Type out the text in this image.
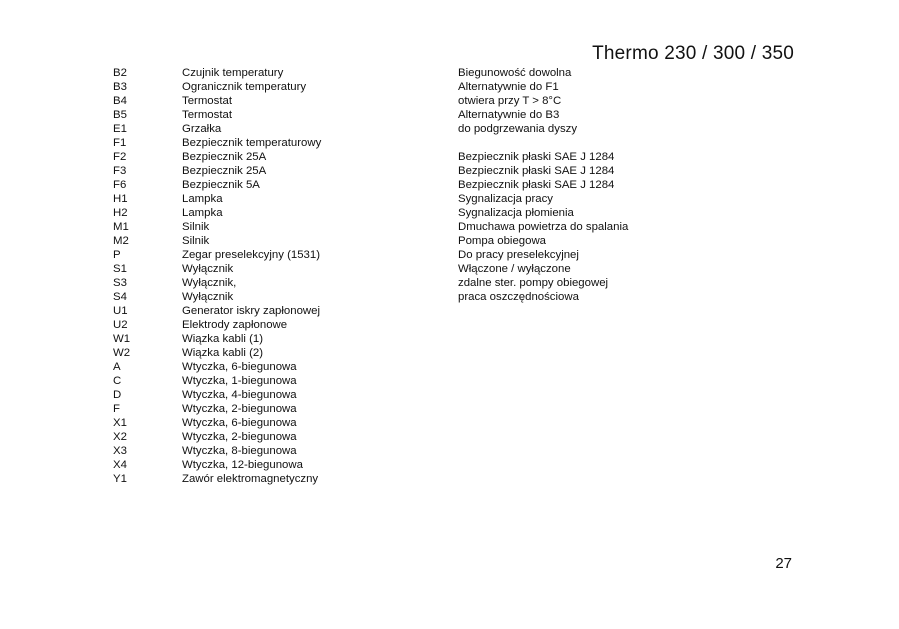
Thermo 230 / 300 / 350
B2	Czujnik temperatury	Biegunowość dowolna
B3	Ogranicznik temperatury	Alternatywnie do F1
B4	Termostat	otwiera przy T > 8°C
B5	Termostat	Alternatywnie do B3
E1	Grzałka	do podgrzewania dyszy
F1	Bezpiecznik temperaturowy
F2	Bezpiecznik 25A	Bezpiecznik płaski SAE J 1284
F3	Bezpiecznik 25A	Bezpiecznik płaski SAE J 1284
F6	Bezpiecznik 5A	Bezpiecznik płaski SAE J 1284
H1	Lampka	Sygnalizacja pracy
H2	Lampka	Sygnalizacja płomienia
M1	Silnik	Dmuchawa powietrza do spalania
M2	Silnik	Pompa obiegowa
P	Zegar preselekcyjny (1531)	Do pracy preselekcyjnej
S1	Wyłącznik	Włączone / wyłączone
S3	Wyłącznik,	zdalne ster. pompy obiegowej
S4	Wyłącznik	praca oszczędnościowa
U1	Generator iskry zapłonowej
U2	Elektrody zapłonowe
W1	Wiązka kabli (1)
W2	Wiązka kabli (2)
A	Wtyczka, 6-biegunowa
C	Wtyczka, 1-biegunowa
D	Wtyczka, 4-biegunowa
F	Wtyczka, 2-biegunowa
X1	Wtyczka, 6-biegunowa
X2	Wtyczka, 2-biegunowa
X3	Wtyczka, 8-biegunowa
X4	Wtyczka, 12-biegunowa
Y1	Zawór elektromagnetyczny
27
